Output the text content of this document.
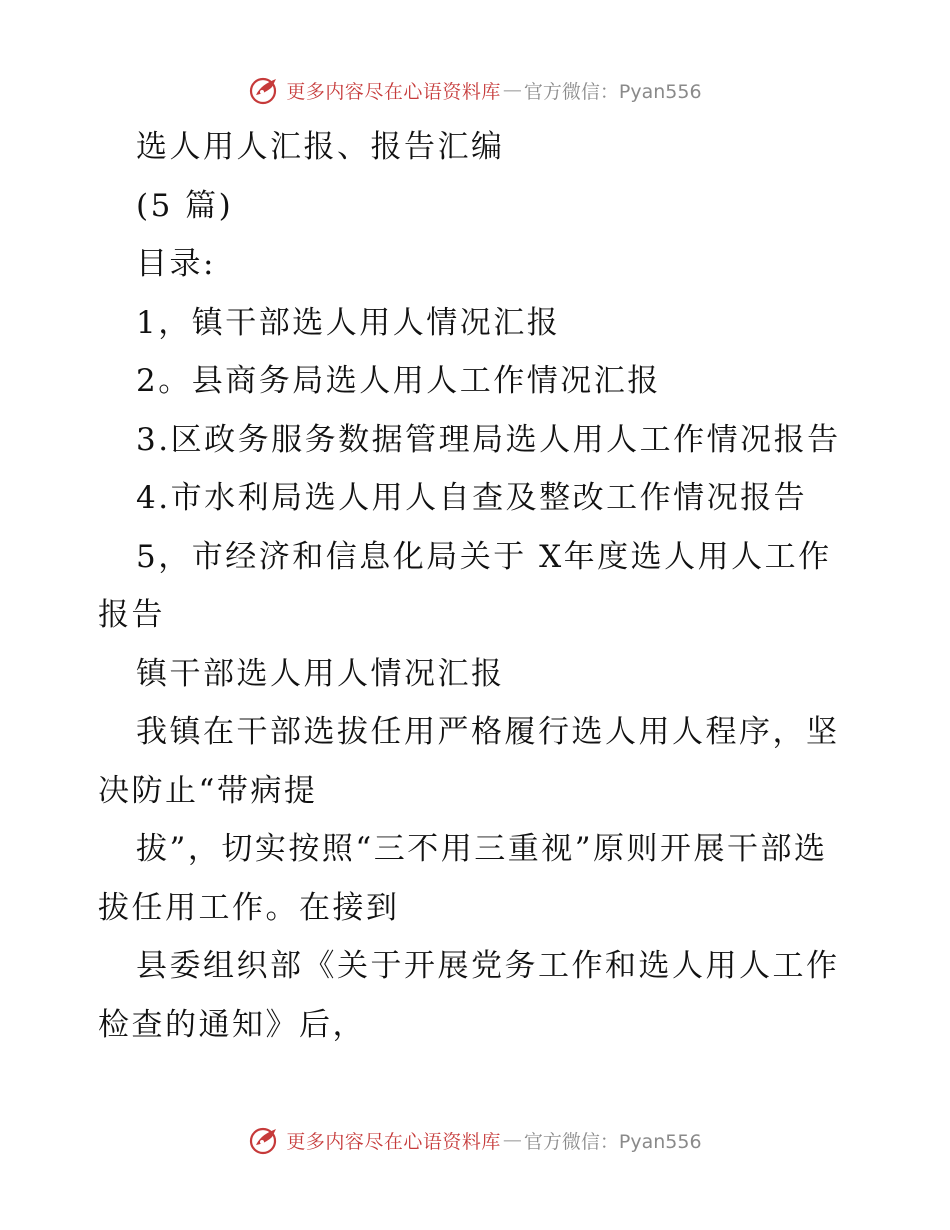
更多内容尽在心语资料库 — 官方微信：Pyan556

选人用人汇报、报告汇编

(5 篇)

目录:

1，镇干部选人用人情况汇报

2。县商务局选人用人工作情况汇报

3.区政务服务数据管理局选人用人工作情况报告

4.市水利局选人用人自查及整改工作情况报告

5，市经济和信息化局关于 X年度选人用人工作报告

镇干部选人用人情况汇报

我镇在干部选拔任用严格履行选人用人程序，坚决防止“带病提

拔”，切实按照“三不用三重视”原则开展干部选拔任用工作。在接到

县委组织部《关于开展党务工作和选人用人工作检查的通知》后，

更多内容尽在心语资料库 — 官方微信：Pyan556
